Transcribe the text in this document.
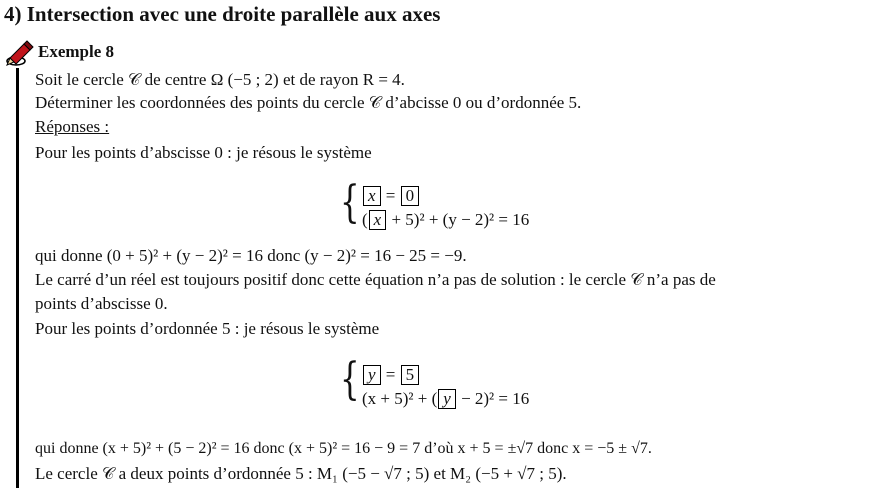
4) Intersection avec une droite parallèle aux axes
Exemple 8
Soit le cercle 𝒞 de centre Ω (−5 ; 2) et de rayon R = 4.
Déterminer les coordonnées des points du cercle 𝒞 d’abcisse 0 ou d’ordonnée 5.
Réponses :
Pour les points d’abscisse 0 : je résous le système
{ x = 0
( x + 5)² + (y − 2)² = 16
qui donne (0 + 5)² + (y − 2)² = 16 donc (y − 2)² = 16 − 25 = −9.
Le carré d’un réel est toujours positif donc cette équation n’a pas de solution : le cercle 𝒞 n’a pas de
points d’abscisse 0.
Pour les points d’ordonnée 5 : je résous le système
{ y = 5
(x + 5)² + ( y − 2)² = 16
qui donne (x + 5)² + (5 − 2)² = 16 donc (x + 5)² = 16 − 9 = 7 d’où x + 5 = ±√7 donc x = −5 ± √7.
Le cercle 𝒞 a deux points d’ordonnée 5 : M₁ (−5 − √7 ; 5) et M₂ (−5 + √7 ; 5).
